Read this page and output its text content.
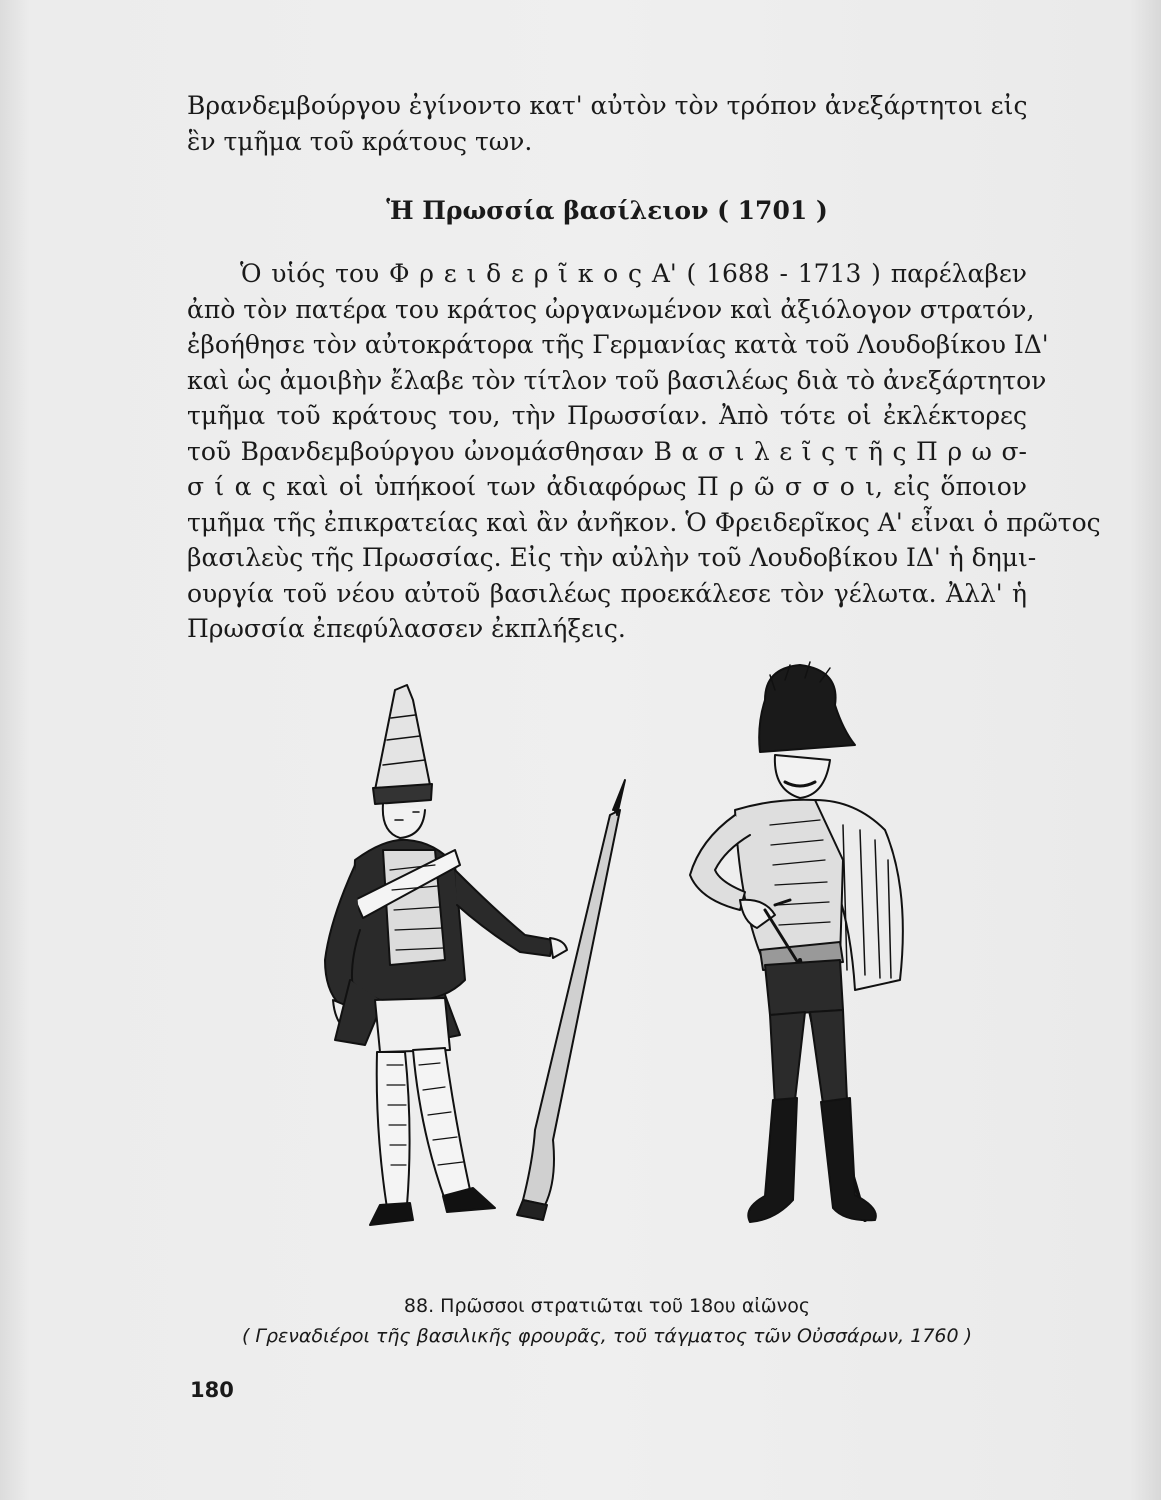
Βρανδεμβούργου ἐγίνοντο κατ' αὐτὸν τὸν τρόπον ἀνεξάρτητοι εἰς
ἓν τμῆμα τοῦ κράτους των.
Ἡ Πρωσσία βασίλειον ( 1701 )
Ὁ υἱός του Φ ρ ε ι δ ε ρ ῖ κ ο ς Α' ( 1688 - 1713 ) παρέλαβεν
ἀπὸ τὸν πατέρα του κράτος ὠργανωμένον καὶ ἀξιόλογον στρατόν,
ἐβοήθησε τὸν αὐτοκράτορα τῆς Γερμανίας κατὰ τοῦ Λουδοβίκου ΙΔ'
καὶ ὡς ἀμοιβὴν ἔλαβε τὸν τίτλον τοῦ βασιλέως διὰ τὸ ἀνεξάρτητον
τμῆμα τοῦ κράτους του, τὴν Πρωσσίαν. Ἀπὸ τότε οἱ ἐκλέκτορες
τοῦ Βρανδεμβούργου ὠνομάσθησαν Β α σ ι λ ε ῖ ς τ ῆ ς Π ρ ω σ-
σ ί α ς καὶ οἱ ὑπήκοοί των ἀδιαφόρως Π ρ ῶ σ σ ο ι, εἰς ὅποιον
τμῆμα τῆς ἐπικρατείας καὶ ἂν ἀνῆκον. Ὁ Φρειδερῖκος Α' εἶναι ὁ πρῶτος
βασιλεὺς τῆς Πρωσσίας. Εἰς τὴν αὐλὴν τοῦ Λουδοβίκου ΙΔ' ἡ δημι-
ουργία τοῦ νέου αὐτοῦ βασιλέως προεκάλεσε τὸν γέλωτα. Ἀλλ' ἡ
Πρωσσία ἐπεφύλασσεν ἐκπλήξεις.
88. Πρῶσσοι στρατιῶται τοῦ 18ου αἰῶνος
( Γρεναδιέροι τῆς βασιλικῆς φρουρᾶς, τοῦ τάγματος τῶν Οὐσσάρων, 1760 )
180
